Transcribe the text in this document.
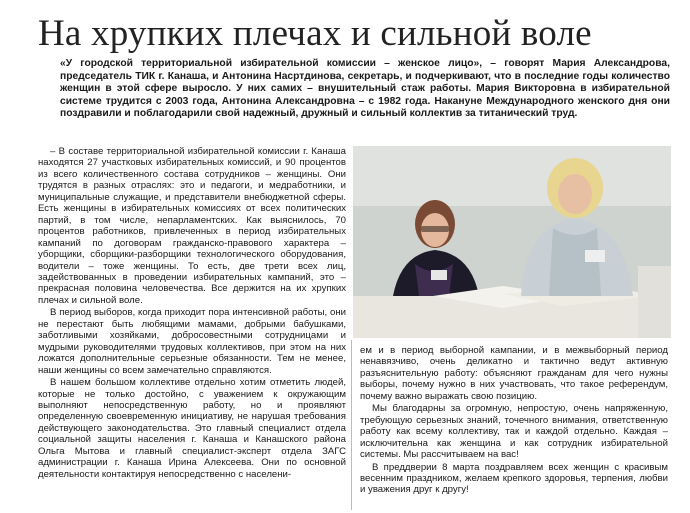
На хрупких плечах и сильной воле
«У городской территориальной избирательной комиссии – женское лицо», – говорят Мария Александрова, председатель ТИК г. Канаша, и Антонина Насртдинова, секретарь, и подчеркивают, что в последние годы количество женщин в этой сфере выросло. У них самих – внушительный стаж работы. Мария Викторовна в избирательной системе трудится с 2003 года, Антонина Александровна – с 1982 года. Накануне Международного женского дня они поздравили и поблагодарили свой надежный, дружный и сильный коллектив за титанический труд.

– В составе территориальной избирательной комиссии г. Канаша находятся 27 участковых избирательных комиссий, и 90 процентов из всего количественного состава сотрудников – женщины. Они трудятся в разных отраслях: это и педагоги, и медработники, и муниципальные служащие, и представители внебюджетной сферы. Есть женщины в избирательных комиссиях от всех политических партий, в том числе, непарламентских. Как выяснилось, 70 процентов работников, привлеченных в период избирательных кампаний по договорам гражданско-правового характера – уборщики, сборщики-разборщики технологического оборудования, водители – тоже женщины. То есть, две трети всех лиц, задействованных в проведении избирательных кампаний, это – прекрасная половина человечества. Все держится на их хрупких плечах и сильной воле.

В период выборов, когда приходит пора интенсивной работы, они не перестают быть любящими мамами, добрыми бабушками, заботливыми хозяйками, добросовестными сотрудницами и мудрыми руководителями трудовых коллективов, при этом на них ложатся дополнительные серьезные обязанности. Тем не менее, наши женщины со всем замечательно справляются.

В нашем большом коллективе отдельно хотим отметить людей, которые не только достойно, с уважением к окружающим выполняют непосредственную работу, но и проявляют определенную своевременную инициативу, не нарушая требования действующего законодательства. Это главный специалист отдела социальной защиты населения г. Канаша и Канашского района Ольга Мытова и главный специалист-эксперт отдела ЗАГС администрации г. Канаша Ирина Алексеева. Они по основной деятельности контактируя непосредственно с населени-

ем и в период выборной кампании, и в межвыборный период ненавязчиво, очень деликатно и тактично ведут активную разъяснительную работу: объясняют гражданам для чего нужны выборы, почему нужно в них участвовать, что такое референдум, почему важно выражать свою позицию.

Мы благодарны за огромную, непростую, очень напряженную, требующую серьезных знаний, точечного внимания, ответственную работу как всему коллективу, так и каждой отдельно. Каждая – исключительна как женщина и как сотрудник избирательной системы. Мы рассчитываем на вас!

В преддверии 8 марта поздравляем всех женщин с красивым весенним праздником, желаем крепкого здоровья, терпения, любви и уважения друг к другу!
